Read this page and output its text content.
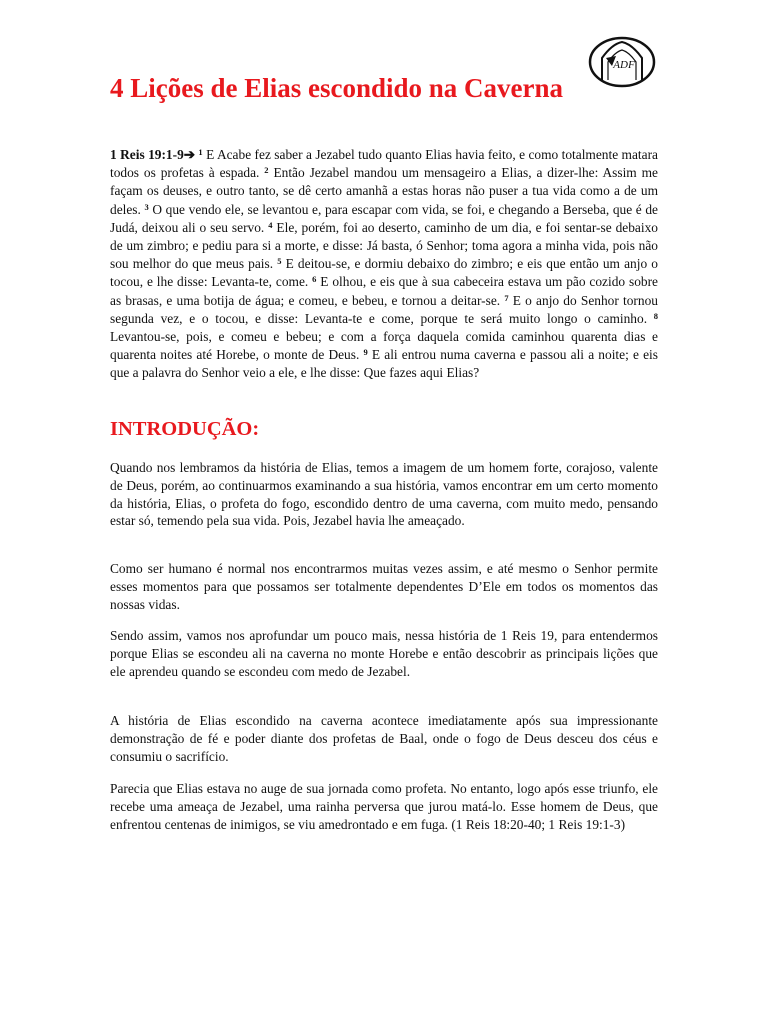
ADF
4 Lições de Elias escondido na Caverna
1 Reis 19:1-9➔ $^1$ E Acabe fez saber a Jezabel tudo quanto Elias havia feito, e como totalmente matara todos os profetas à espada. $^2$ Então Jezabel mandou um mensageiro a Elias, a dizer-lhe: Assim me façam os deuses, e outro tanto, se dê certo amanhã a estas horas não puser a tua vida como a de um deles. $^3$ O que vendo ele, se levantou e, para escapar com vida, se foi, e chegando a Berseba, que é de Judá, deixou ali o seu servo. $^4$ Ele, porém, foi ao deserto, caminho de um dia, e foi sentar-se debaixo de um zimbro; e pediu para si a morte, e disse: Já basta, ó Senhor; toma agora a minha vida, pois não sou melhor do que meus pais. $^5$ E deitou-se, e dormiu debaixo do zimbro; e eis que então um anjo o tocou, e lhe disse: Levanta-te, come. $^6$ E olhou, e eis que à sua cabeceira estava um pão cozido sobre as brasas, e uma botija de água; e comeu, e bebeu, e tornou a deitar-se. $^7$ E o anjo do Senhor tornou segunda vez, e o tocou, e disse: Levanta-te e come, porque te será muito longo o caminho. $^8$ Levantou-se, pois, e comeu e bebeu; e com a força daquela comida caminhou quarenta dias e quarenta noites até Horebe, o monte de Deus. $^9$ E ali entrou numa caverna e passou ali a noite; e eis que a palavra do Senhor veio a ele, e lhe disse: Que fazes aqui Elias?
INTRODUÇÃO:

Quando nos lembramos da história de Elias, temos a imagem de um homem forte, corajoso, valente de Deus, porém, ao continuarmos examinando a sua história, vamos encontrar em um certo momento da história, Elias, o profeta do fogo, escondido dentro de uma caverna, com muito medo, pensando estar só, temendo pela sua vida. Pois, Jezabel havia lhe ameaçado.

Como ser humano é normal nos encontrarmos muitas vezes assim, e até mesmo o Senhor permite esses momentos para que possamos ser totalmente dependentes D’Ele em todos os momentos das nossas vidas.

Sendo assim, vamos nos aprofundar um pouco mais, nessa história de 1 Reis 19, para entendermos porque Elias se escondeu ali na caverna no monte Horebe e então descobrir as principais lições que ele aprendeu quando se escondeu com medo de Jezabel.

A história de Elias escondido na caverna acontece imediatamente após sua impressionante demonstração de fé e poder diante dos profetas de Baal, onde o fogo de Deus desceu dos céus e consumiu o sacrifício.

Parecia que Elias estava no auge de sua jornada como profeta. No entanto, logo após esse triunfo, ele recebe uma ameaça de Jezabel, uma rainha perversa que jurou matá-lo. Esse homem de Deus, que enfrentou centenas de inimigos, se viu amedrontado e em fuga. (1 Reis 18:20-40; 1 Reis 19:1-3)
